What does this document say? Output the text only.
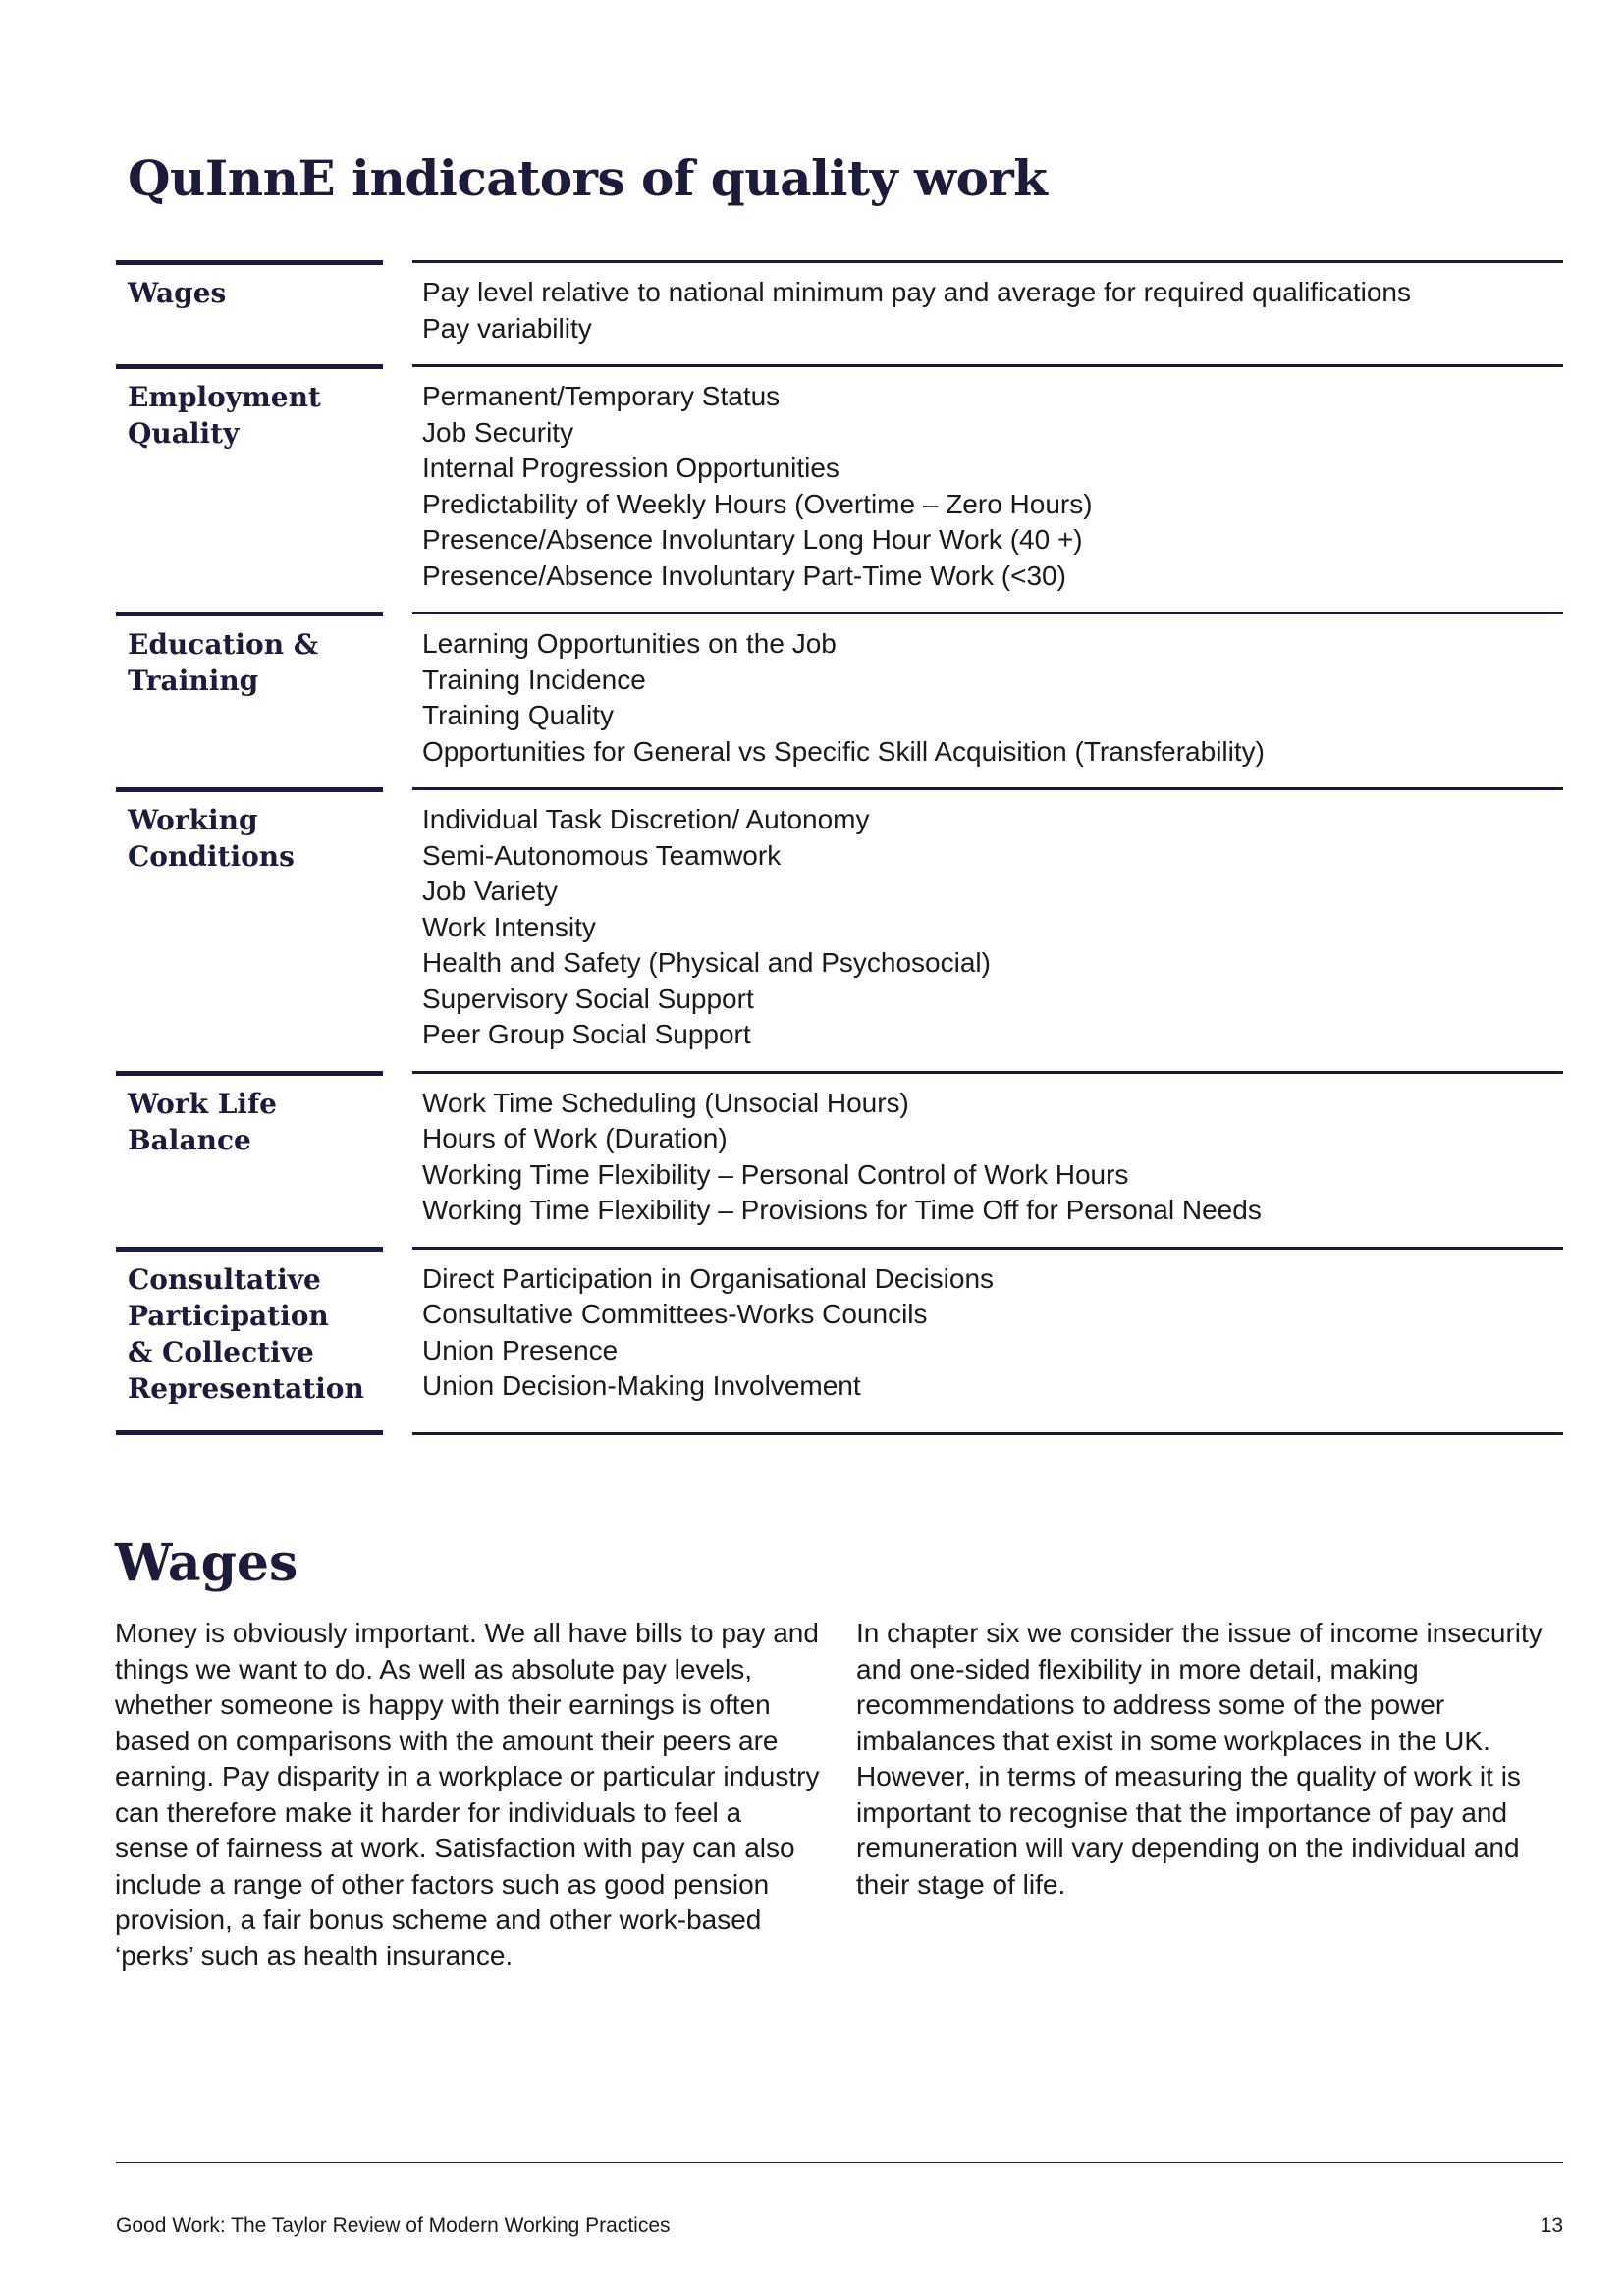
QuInnE indicators of quality work
Wages	Pay level relative to national minimum pay and average for required qualifications
Pay variability
Employment
Quality
Permanent/Temporary Status
Job Security
Internal Progression Opportunities
Predictability of Weekly Hours (Overtime – Zero Hours)
Presence/Absence Involuntary Long Hour Work (40 +)
Presence/Absence Involuntary Part-Time Work (<30)
Education &
Training
Learning Opportunities on the Job
Training Incidence
Training Quality
Opportunities for General vs Specific Skill Acquisition (Transferability)
Working
Conditions
Individual Task Discretion/ Autonomy
Semi-Autonomous Teamwork
Job Variety
Work Intensity
Health and Safety (Physical and Psychosocial)
Supervisory Social Support
Peer Group Social Support
Work Life
Balance
Work Time Scheduling (Unsocial Hours)
Hours of Work (Duration)
Working Time Flexibility – Personal Control of Work Hours
Working Time Flexibility – Provisions for Time Off for Personal Needs
Consultative
Participation
& Collective
Representation
Direct Participation in Organisational Decisions
Consultative Committees-Works Councils
Union Presence
Union Decision-Making Involvement
Wages

Money is obviously important. We all have bills to pay and things we want to do. As well as absolute pay levels, whether someone is happy with their earnings is often based on comparisons with the amount their peers are earning. Pay disparity in a workplace or particular industry can therefore make it harder for individuals to feel a sense of fairness at work. Satisfaction with pay can also include a range of other factors such as good pension provision, a fair bonus scheme and other work-based ‘perks’ such as health insurance.

In chapter six we consider the issue of income insecurity and one-sided flexibility in more detail, making recommendations to address some of the power imbalances that exist in some workplaces in the UK. However, in terms of measuring the quality of work it is important to recognise that the importance of pay and remuneration will vary depending on the individual and their stage of life.

Good Work: The Taylor Review of Modern Working Practices	13
